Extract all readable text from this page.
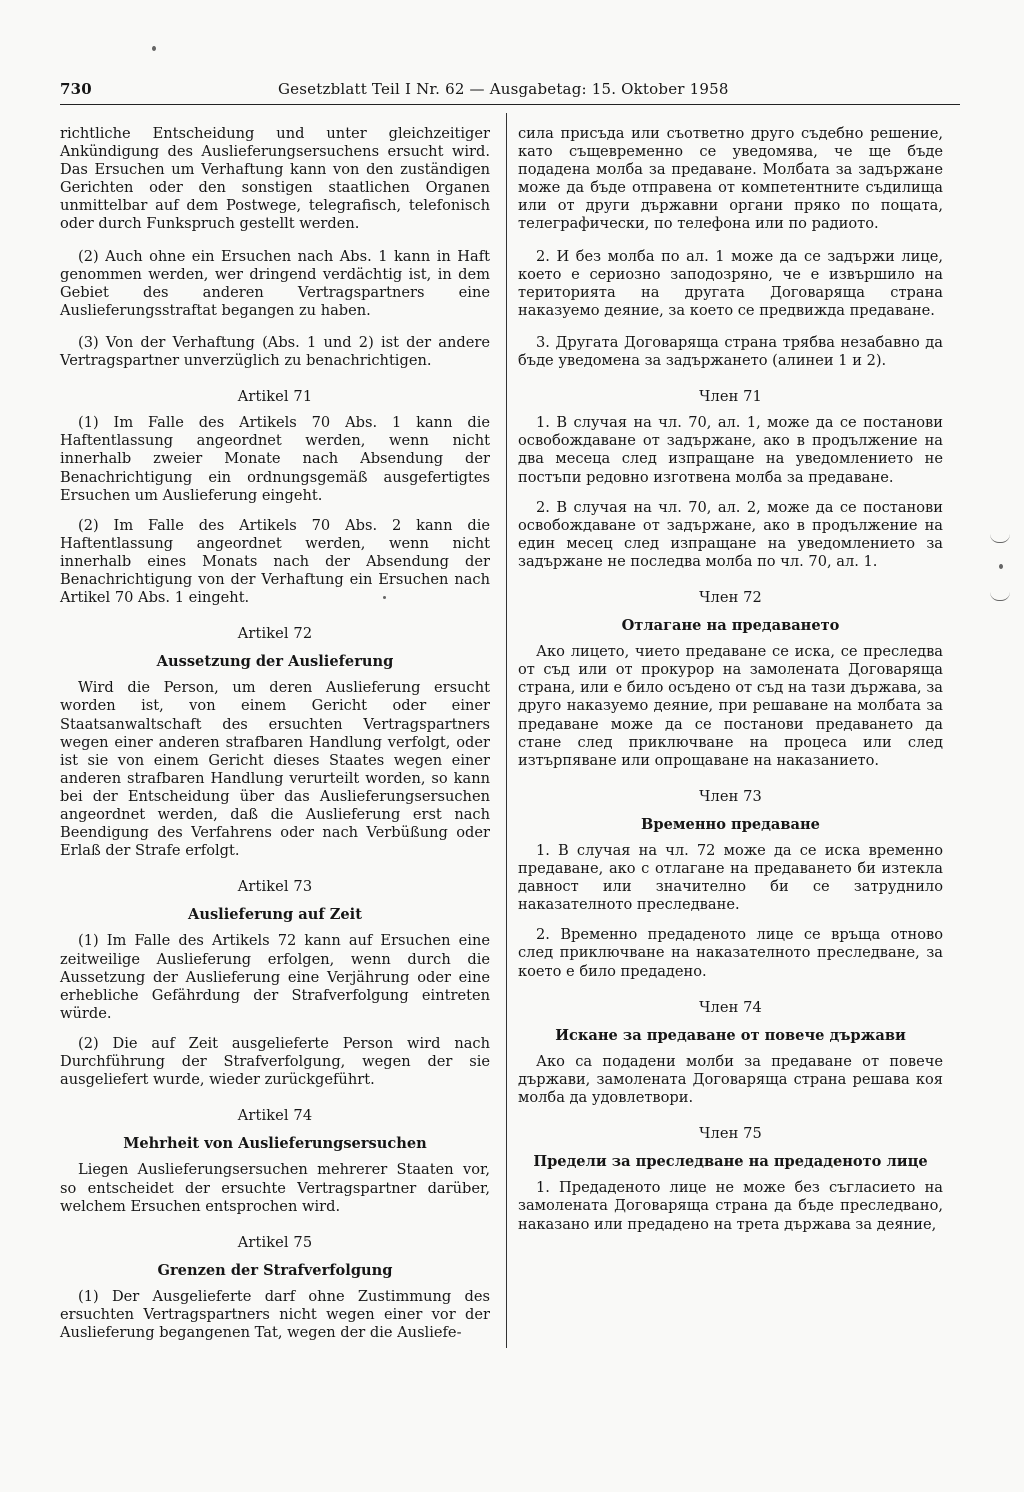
730	Gesetzblatt Teil I Nr. 62 — Ausgabetag: 15. Oktober 1958

richtliche Entscheidung und unter gleichzeitiger Ankündigung des Auslieferungsersuchens ersucht wird. Das Ersuchen um Verhaftung kann von den zuständigen Gerichten oder den sonstigen staatlichen Organen unmittelbar auf dem Postwege, telegrafisch, telefonisch oder durch Funkspruch gestellt werden.

(2) Auch ohne ein Ersuchen nach Abs. 1 kann in Haft genommen werden, wer dringend verdächtig ist, in dem Gebiet des anderen Vertragspartners eine Auslieferungsstraftat begangen zu haben.

(3) Von der Verhaftung (Abs. 1 und 2) ist der andere Vertragspartner unverzüglich zu benachrichtigen.

Artikel 71

(1) Im Falle des Artikels 70 Abs. 1 kann die Haftentlassung angeordnet werden, wenn nicht innerhalb zweier Monate nach Absendung der Benachrichtigung ein ordnungsgemäß ausgefertigtes Ersuchen um Auslieferung eingeht.

(2) Im Falle des Artikels 70 Abs. 2 kann die Haftentlassung angeordnet werden, wenn nicht innerhalb eines Monats nach der Absendung der Benachrichtigung von der Verhaftung ein Ersuchen nach Artikel 70 Abs. 1 eingeht.

Artikel 72
Aussetzung der Auslieferung

Wird die Person, um deren Auslieferung ersucht worden ist, von einem Gericht oder einer Staatsanwaltschaft des ersuchten Vertragspartners wegen einer anderen strafbaren Handlung verfolgt, oder ist sie von einem Gericht dieses Staates wegen einer anderen strafbaren Handlung verurteilt worden, so kann bei der Entscheidung über das Auslieferungsersuchen angeordnet werden, daß die Auslieferung erst nach Beendigung des Verfahrens oder nach Verbüßung oder Erlaß der Strafe erfolgt.

Artikel 73
Auslieferung auf Zeit

(1) Im Falle des Artikels 72 kann auf Ersuchen eine zeitweilige Auslieferung erfolgen, wenn durch die Aussetzung der Auslieferung eine Verjährung oder eine erhebliche Gefährdung der Strafverfolgung eintreten würde.

(2) Die auf Zeit ausgelieferte Person wird nach Durchführung der Strafverfolgung, wegen der sie ausgeliefert wurde, wieder zurückgeführt.

Artikel 74
Mehrheit von Auslieferungsersuchen

Liegen Auslieferungsersuchen mehrerer Staaten vor, so entscheidet der ersuchte Vertragspartner darüber, welchem Ersuchen entsprochen wird.

Artikel 75
Grenzen der Strafverfolgung

(1) Der Ausgelieferte darf ohne Zustimmung des ersuchten Vertragspartners nicht wegen einer vor der Auslieferung begangenen Tat, wegen der die Ausliefe-

сила присъда или съответно друго съдебно решение, като същевременно се уведомява, че ще бъде подадена молба за предаване. Молбата за задържане може да бъде отправена от компетентните съдилища или от други държавни органи пряко по пощата, телеграфически, по телефона или по радиото.

2. И без молба по ал. 1 може да се задържи лице, което е сериозно заподозряно, че е извършило на територията на другата Договаряща страна наказуемо деяние, за което се предвижда предаване.

3. Другата Договаряща страна трябва незабавно да бъде уведомена за задържането (алинеи 1 и 2).

Член 71

1. В случая на чл. 70, ал. 1, може да се постанови освобождаване от задържане, ако в продължение на два месеца след изпращане на уведомлението не постъпи редовно изготвена молба за предаване.

2. В случая на чл. 70, ал. 2, може да се постанови освобождаване от задържане, ако в продължение на един месец след изпращане на уведомлението за задържане не последва молба по чл. 70, ал. 1.

Член 72
Отлагане на предаването

Ако лицето, чието предаване се иска, се преследва от съд или от прокурор на замолената Договаряща страна, или е било осъдено от съд на тази държава, за друго наказуемо деяние, при решаване на молбата за предаване може да се постанови предаването да стане след приключване на процеса или след изтърпяване или опрощаване на наказанието.

Член 73
Временно предаване

1. В случая на чл. 72 може да се иска временно предаване, ако с отлагане на предаването би изтекла давност или значително би се затруднило наказателното преследване.

2. Временно предаденото лице се връща отново след приключване на наказателното преследване, за което е било предадено.

Член 74
Искане за предаване от повече държави

Ако са подадени молби за предаване от повече държави, замолената Договаряща страна решава коя молба да удовлетвори.

Член 75
Предели за преследване на предаденото лице

1. Предаденото лице не може без съгласието на замолената Договаряща страна да бъде преследвано, наказано или предадено на трета държава за деяние,
